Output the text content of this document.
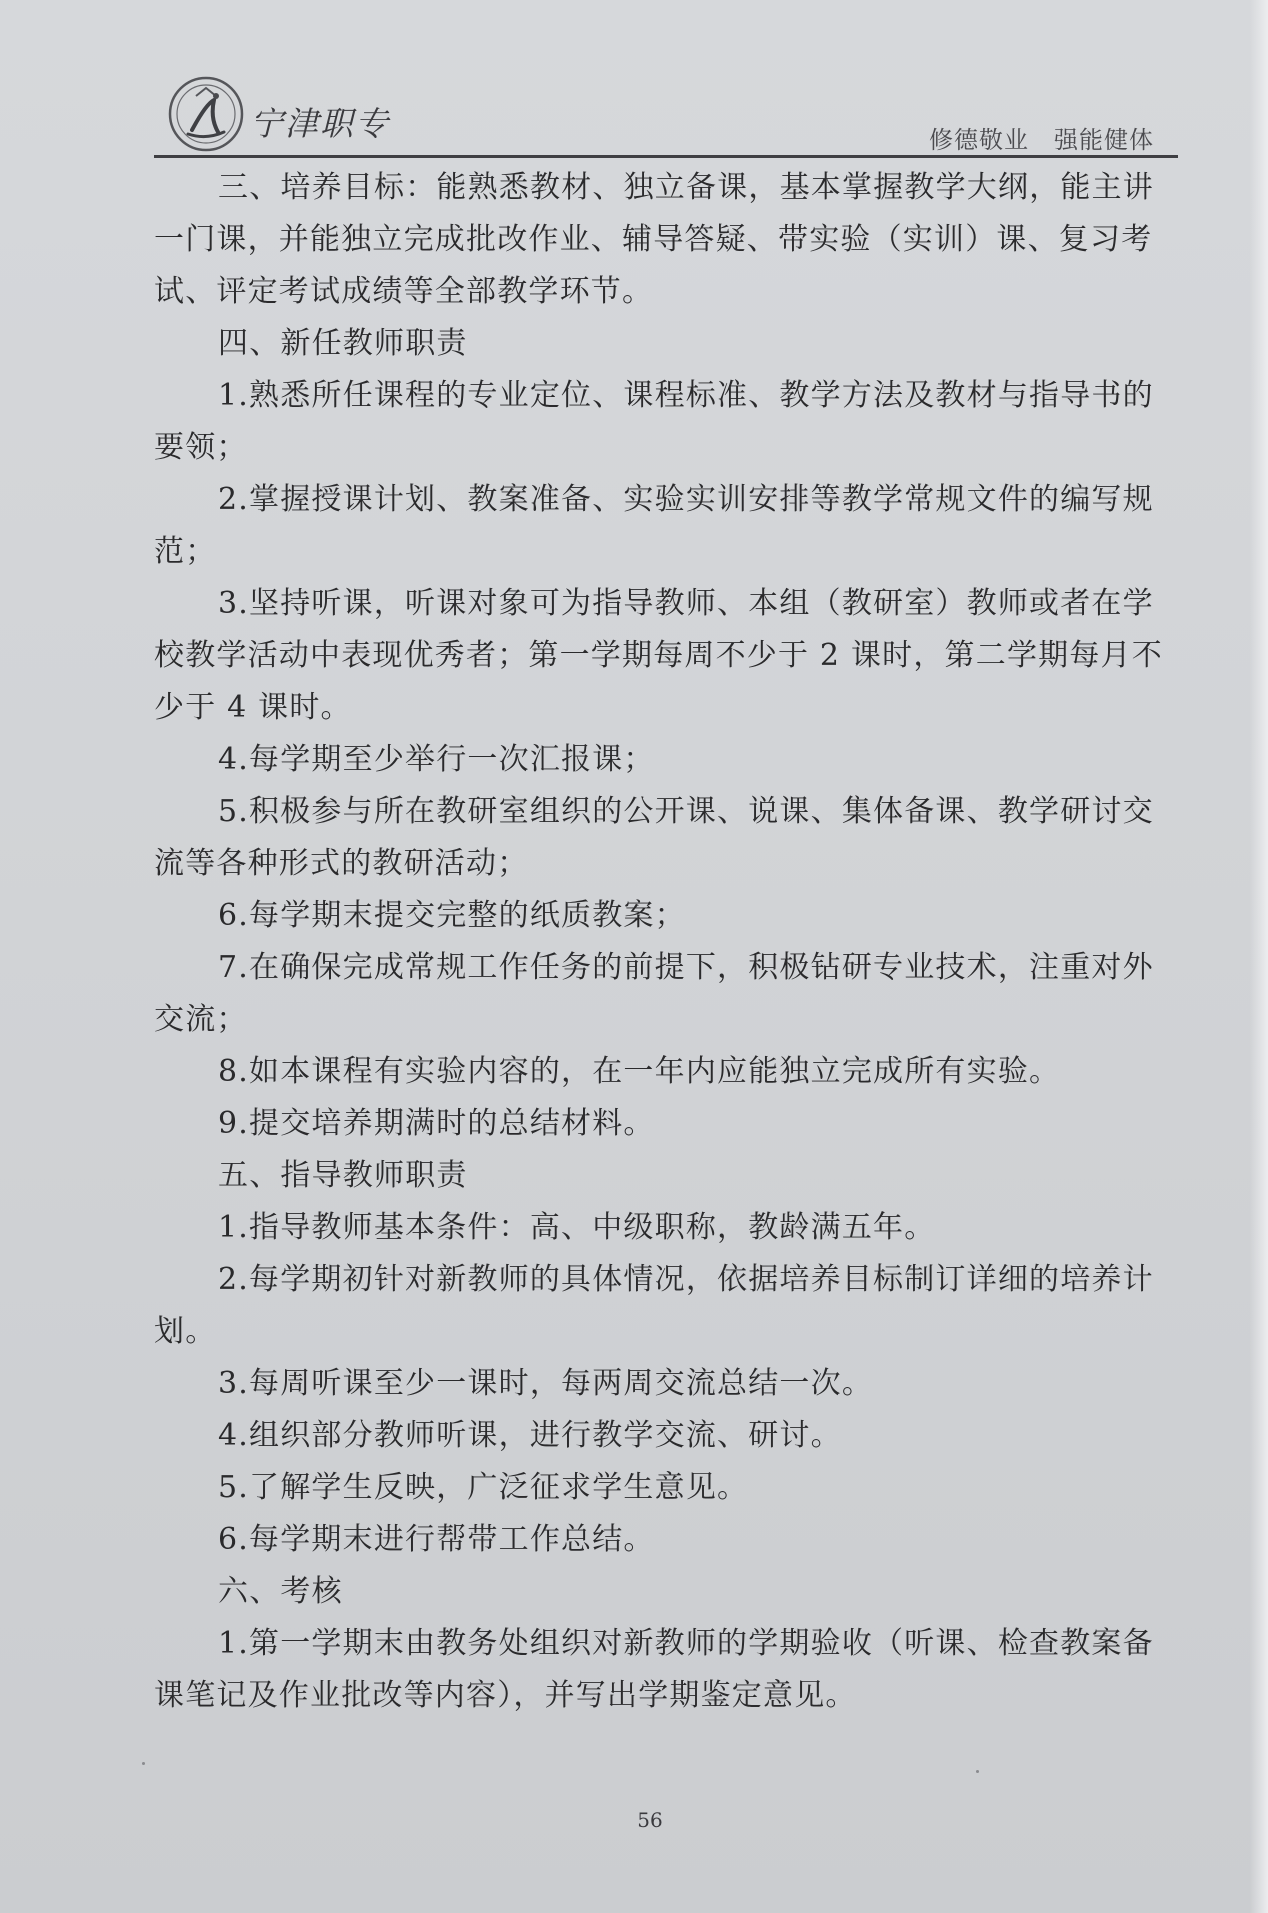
宁津职专	修德敬业　强能健体
三、培养目标：能熟悉教材、独立备课，基本掌握教学大纲，能主讲
一门课，并能独立完成批改作业、辅导答疑、带实验（实训）课、复习考
试、评定考试成绩等全部教学环节。
四、新任教师职责
1.熟悉所任课程的专业定位、课程标准、教学方法及教材与指导书的
要领；
2.掌握授课计划、教案准备、实验实训安排等教学常规文件的编写规
范；
3.坚持听课，听课对象可为指导教师、本组（教研室）教师或者在学
校教学活动中表现优秀者；第一学期每周不少于 2 课时，第二学期每月不
少于 4 课时。
4.每学期至少举行一次汇报课；
5.积极参与所在教研室组织的公开课、说课、集体备课、教学研讨交
流等各种形式的教研活动；
6.每学期末提交完整的纸质教案；
7.在确保完成常规工作任务的前提下，积极钻研专业技术，注重对外
交流；
8.如本课程有实验内容的，在一年内应能独立完成所有实验。
9.提交培养期满时的总结材料。
五、指导教师职责
1.指导教师基本条件：高、中级职称，教龄满五年。
2.每学期初针对新教师的具体情况，依据培养目标制订详细的培养计
划。
3.每周听课至少一课时，每两周交流总结一次。
4.组织部分教师听课，进行教学交流、研讨。
5.了解学生反映，广泛征求学生意见。
6.每学期末进行帮带工作总结。
六、考核
1.第一学期末由教务处组织对新教师的学期验收（听课、检查教案备
课笔记及作业批改等内容），并写出学期鉴定意见。
56
